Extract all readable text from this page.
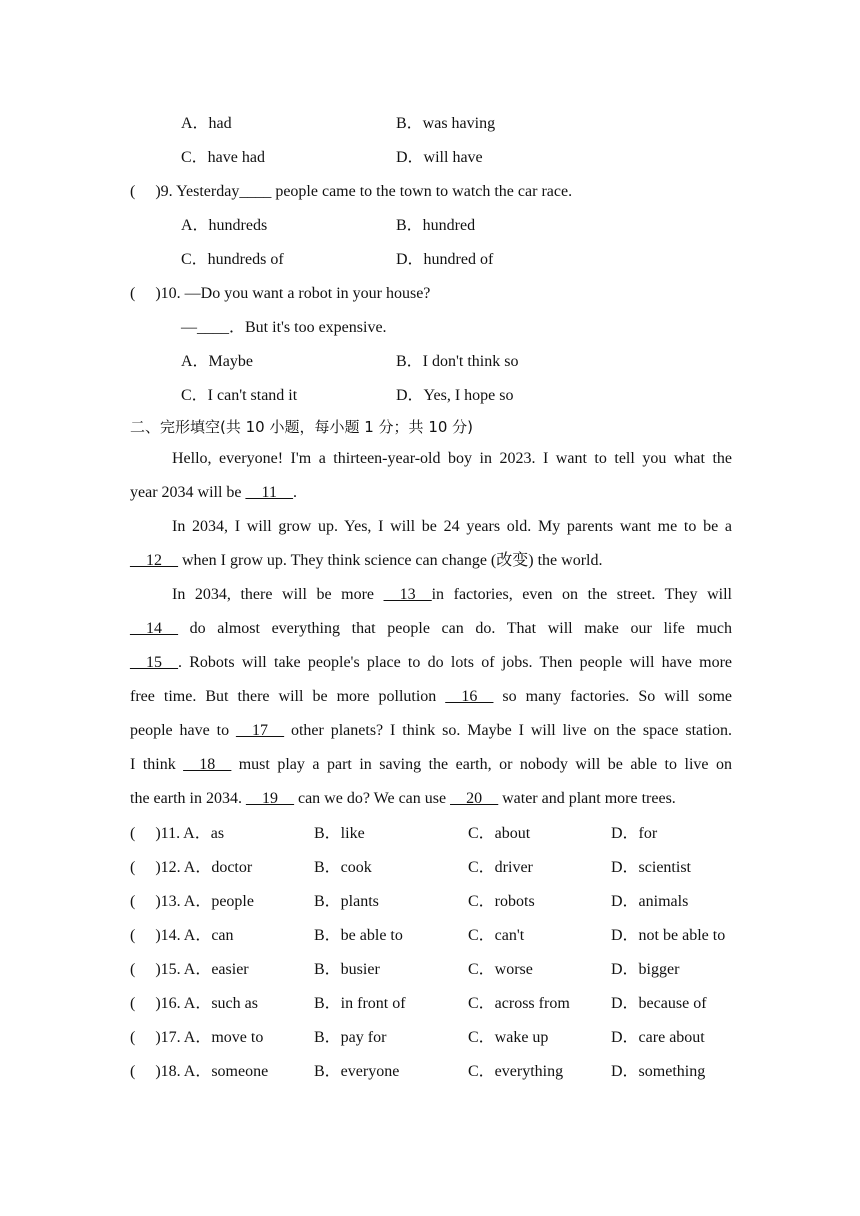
A．had	B．was having
C．have had	D．will have
(　 )9. Yesterday____ people came to the town to watch the car race.
A．hundreds	B．hundred
C．hundreds of	D．hundred of
(　 )10. —Do you want a robot in your house?
—____．But it's too expensive.
A．Maybe	B．I don't think so
C．I can't stand it	D．Yes, I hope so
二、完形填空(共 10 小题，每小题 1 分；共 10 分)
Hello, everyone! I'm a thirteen-year-old boy in 2023. I want to tell you what the
year 2034 will be __11__.
In 2034, I will grow up. Yes, I will be 24 years old. My parents want me to be a
__12__ when I grow up. They think science can change (改变) the world.
In 2034, there will be more __13__in factories, even on the street. They will
__14__ do almost everything that people can do. That will make our life much
__15__. Robots will take people's place to do lots of jobs. Then people will have more
free time. But there will be more pollution __16__ so many factories. So will some
people have to __17__ other planets? I think so. Maybe I will live on the space station.
I think __18__ must play a part in saving the earth, or nobody will be able to live on
the earth in 2034. __19__ can we do? We can use __20__ water and plant more trees.
(　 )11. A．as	B．like	C．about	D．for
(　 )12. A．doctor	B．cook	C．driver	D．scientist
(　 )13. A．people	B．plants	C．robots	D．animals
(　 )14. A．can	B．be able to	C．can't	D．not be able to
(　 )15. A．easier	B．busier	C．worse	D．bigger
(　 )16. A．such as	B．in front of	C．across from	D．because of
(　 )17. A．move to	B．pay for	C．wake up	D．care about
(　 )18. A．someone	B．everyone	C．everything	D．something
